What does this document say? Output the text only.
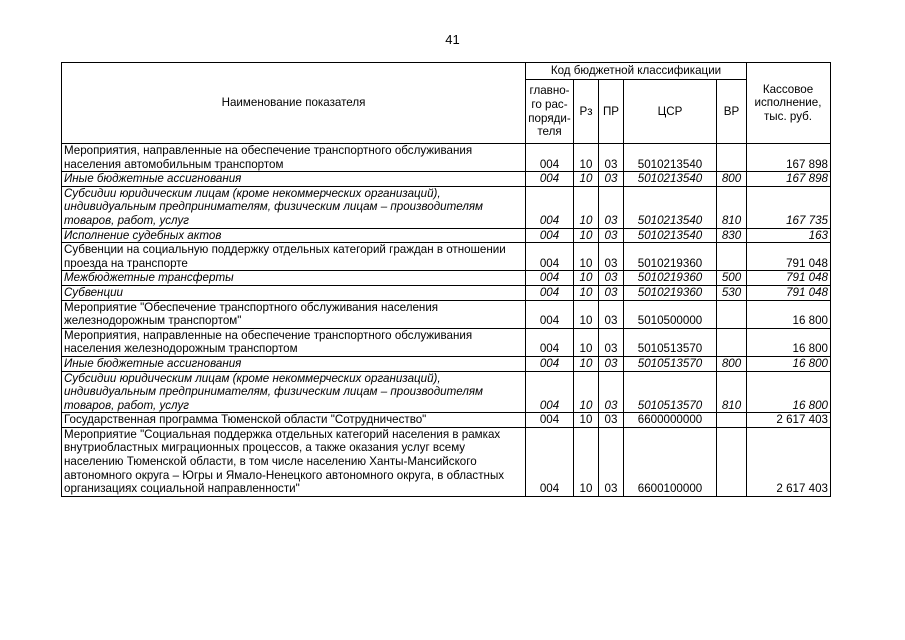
41
Наименование показателя	Код бюджетной классификации					Кассовое исполнение, тыс. руб.
	главно-го рас-поряди-теля	Рз	ПР	ЦСР	ВР	
Мероприятия, направленные на обеспечение транспортного обслуживания населения автомобильным транспортом	004	10	03	5010213540		167 898
Иные бюджетные ассигнования	004	10	03	5010213540	800	167 898
Субсидии юридическим лицам (кроме некоммерческих организаций), индивидуальным предпринимателям, физическим лицам – производителям товаров, работ, услуг	004	10	03	5010213540	810	167 735
Исполнение судебных актов	004	10	03	5010213540	830	163
Субвенции на социальную поддержку отдельных категорий граждан в отношении проезда на транспорте	004	10	03	5010219360		791 048
Межбюджетные трансферты	004	10	03	5010219360	500	791 048
Субвенции	004	10	03	5010219360	530	791 048
Мероприятие "Обеспечение транспортного обслуживания населения железнодорожным транспортом"	004	10	03	5010500000		16 800
Мероприятия, направленные на обеспечение транспортного обслуживания населения железнодорожным транспортом	004	10	03	5010513570		16 800
Иные бюджетные ассигнования	004	10	03	5010513570	800	16 800
Субсидии юридическим лицам (кроме некоммерческих организаций), индивидуальным предпринимателям, физическим лицам – производителям товаров, работ, услуг	004	10	03	5010513570	810	16 800
Государственная программа Тюменской области "Сотрудничество"	004	10	03	6600000000		2 617 403
Мероприятие "Социальная поддержка отдельных категорий населения в рамках внутриобластных миграционных процессов, а также оказания услуг всему населению Тюменской области, в том числе населению Ханты-Мансийского автономного округа – Югры и Ямало-Ненецкого автономного округа, в областных организациях социальной направленности"	004	10	03	6600100000		2 617 403
